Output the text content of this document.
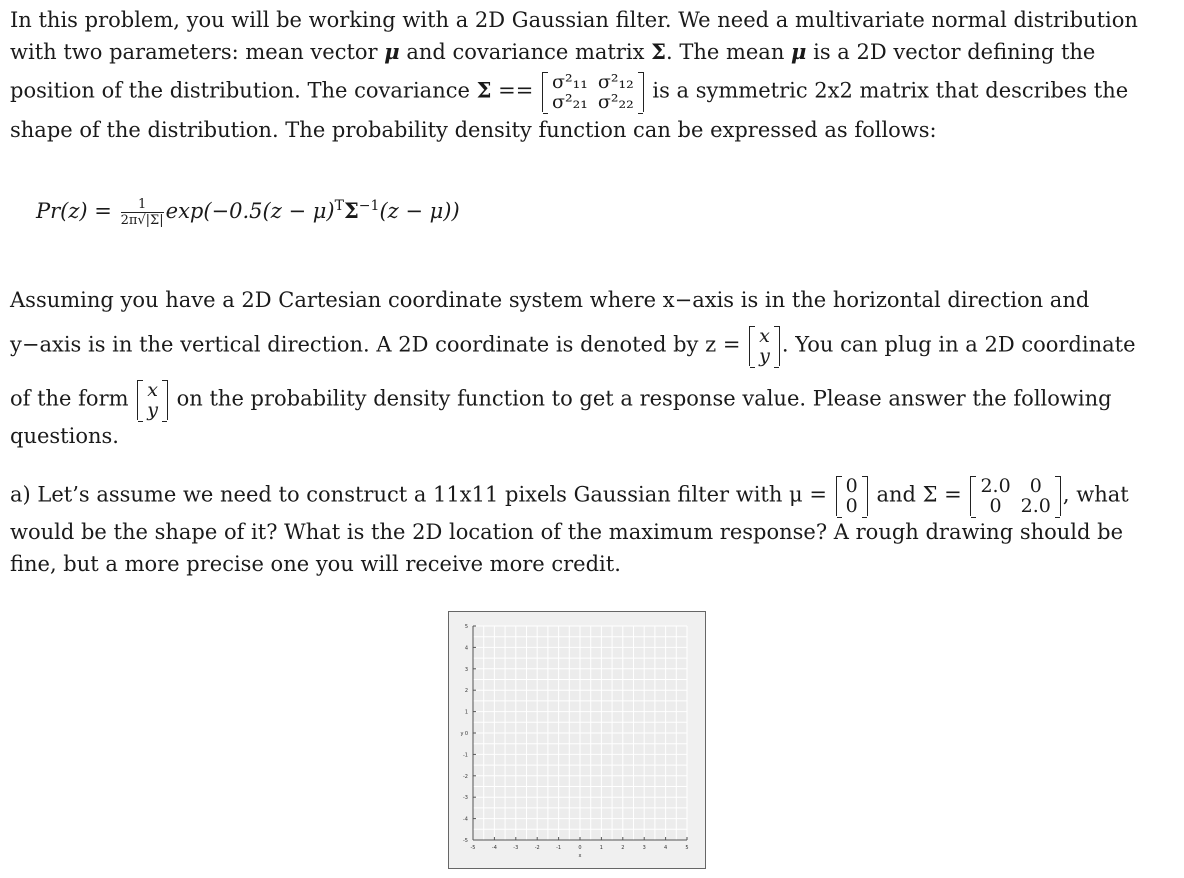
In this problem, you will be working with a 2D Gaussian filter. We need a multivariate normal distribution
with two parameters: mean vector μ and covariance matrix Σ. The mean μ is a 2D vector defining the
position of the distribution. The covariance Σ == σ²₁₁	σ²₁₂
σ²₂₁	σ²₂₂ is a symmetric 2x2 matrix that describes the
shape of the distribution. The probability density function can be expressed as follows:
$Pr(z) = \frac{1}{2\pi√|\Sigma|} \exp(-0.5(z - \mu)^T\Sigma^{-1}(z - \mu))$
Assuming you have a 2D Cartesian coordinate system where x−axis is in the horizontal direction and
y−axis is in the vertical direction. A 2D coordinate is denoted by z = x
y . You can plug in a 2D coordinate
of the form x
y on the probability density function to get a response value. Please answer the following
questions.
a) Let’s assume we need to construct a 11x11 pixels Gaussian filter with μ = 0
0 and Σ = 2.0	0
0	2.0 , what
would be the shape of it? What is the 2D location of the maximum response? A rough drawing should be
fine, but a more precise one you will receive more credit.
-5	-4	-3	-2	-1	0	1	2	3	4	5
5
4
3
2
1
0
-1
-2
-3
-4
-5
x
y
